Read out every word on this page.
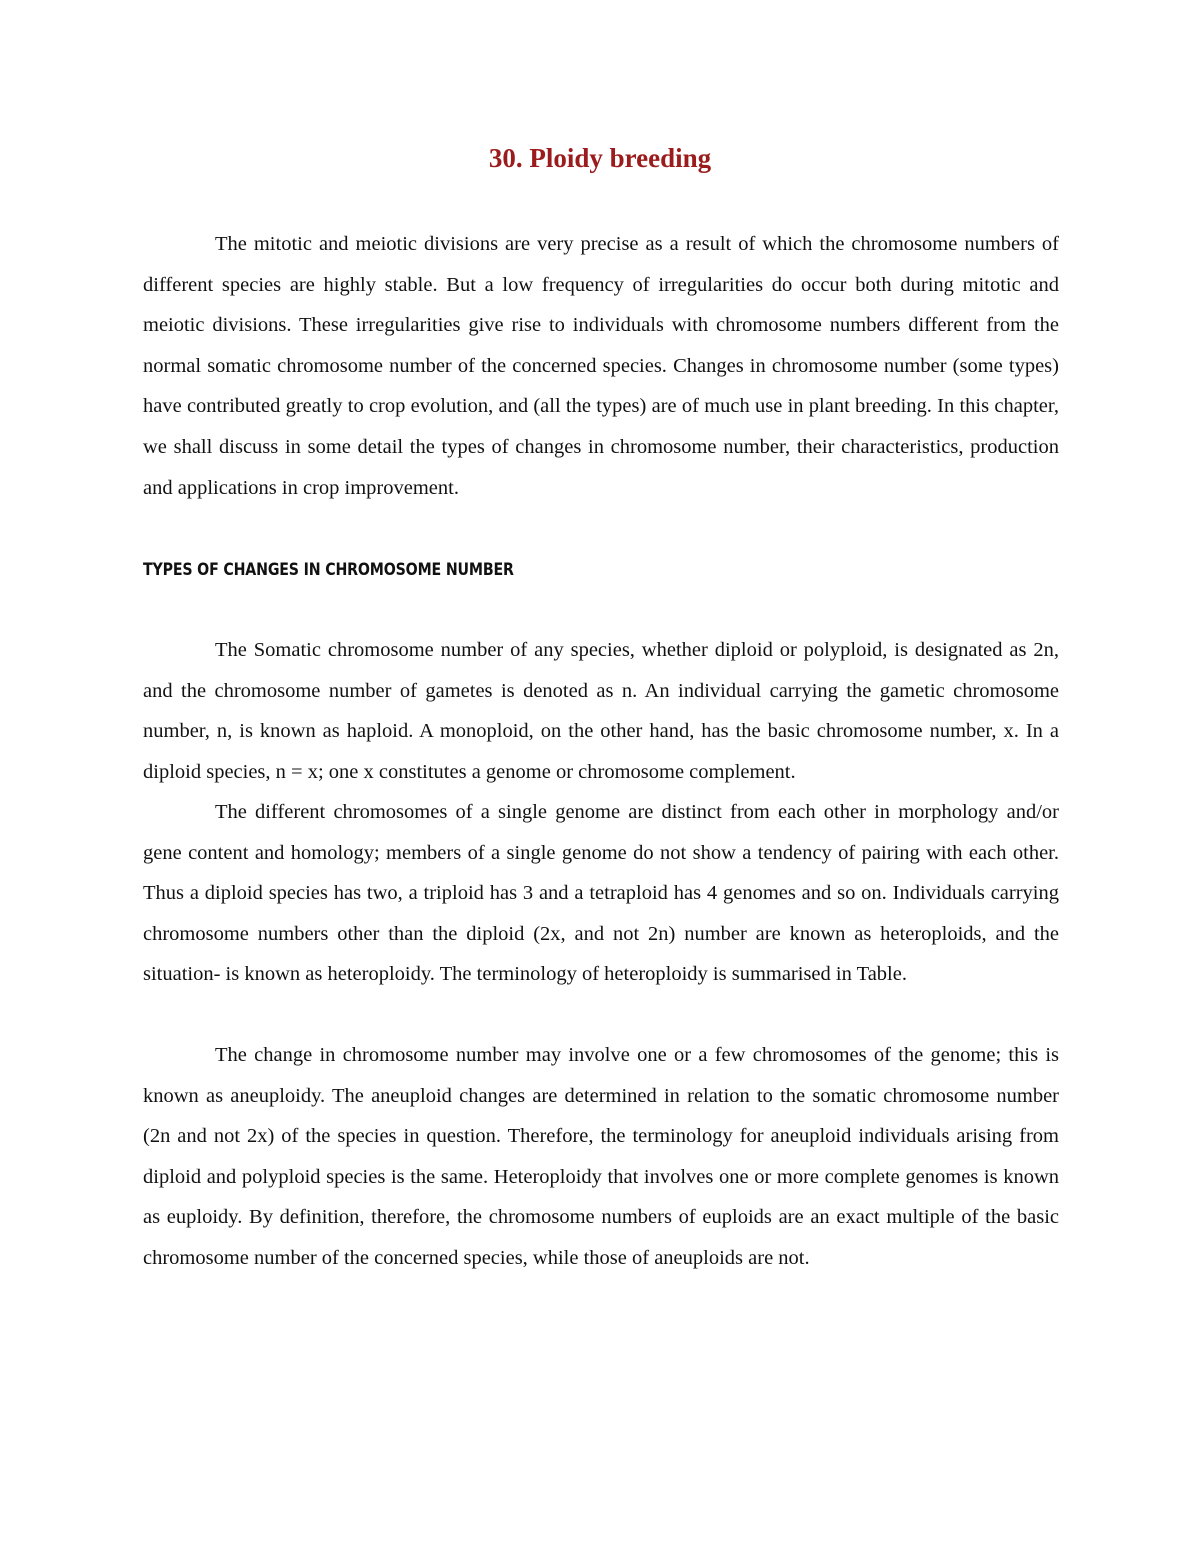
30. Ploidy breeding

The mitotic and meiotic divisions are very precise as a result of which the chromosome numbers of different species are highly stable. But a low frequency of irregularities do occur both during mitotic and meiotic divisions. These irregularities give rise to individuals with chromosome numbers different from the normal somatic chromosome number of the concerned species. Changes in chromosome number (some types) have contributed greatly to crop evolution, and (all the types) are of much use in plant breeding. In this chapter, we shall discuss in some detail the types of changes in chromosome number, their characteristics, production and applications in crop improvement.

TYPES OF CHANGES IN CHROMOSOME NUMBER

The Somatic chromosome number of any species, whether diploid or polyploid, is designated as 2n, and the chromosome number of gametes is denoted as n. An individual carrying the gametic chromosome number, n, is known as haploid. A monoploid, on the other hand, has the basic chromosome number, x. In a diploid species, n = x; one x constitutes a genome or chromosome complement.

The different chromosomes of a single genome are distinct from each other in morphology and/or gene content and homology; members of a single genome do not show a tendency of pairing with each other. Thus a diploid species has two, a triploid has 3 and a tetraploid has 4 genomes and so on. Individuals carrying chromosome numbers other than the diploid (2x, and not 2n) number are known as heteroploids, and the situation- is known as heteroploidy. The terminology of heteroploidy is summarised in Table.

The change in chromosome number may involve one or a few chromosomes of the genome; this is known as aneuploidy. The aneuploid changes are determined in relation to the somatic chromosome number (2n and not 2x) of the species in question. Therefore, the terminology for aneuploid individuals arising from diploid and polyploid species is the same. Heteroploidy that involves one or more complete genomes is known as euploidy. By definition, therefore, the chromosome numbers of euploids are an exact multiple of the basic chromosome number of the concerned species, while those of aneuploids are not.
